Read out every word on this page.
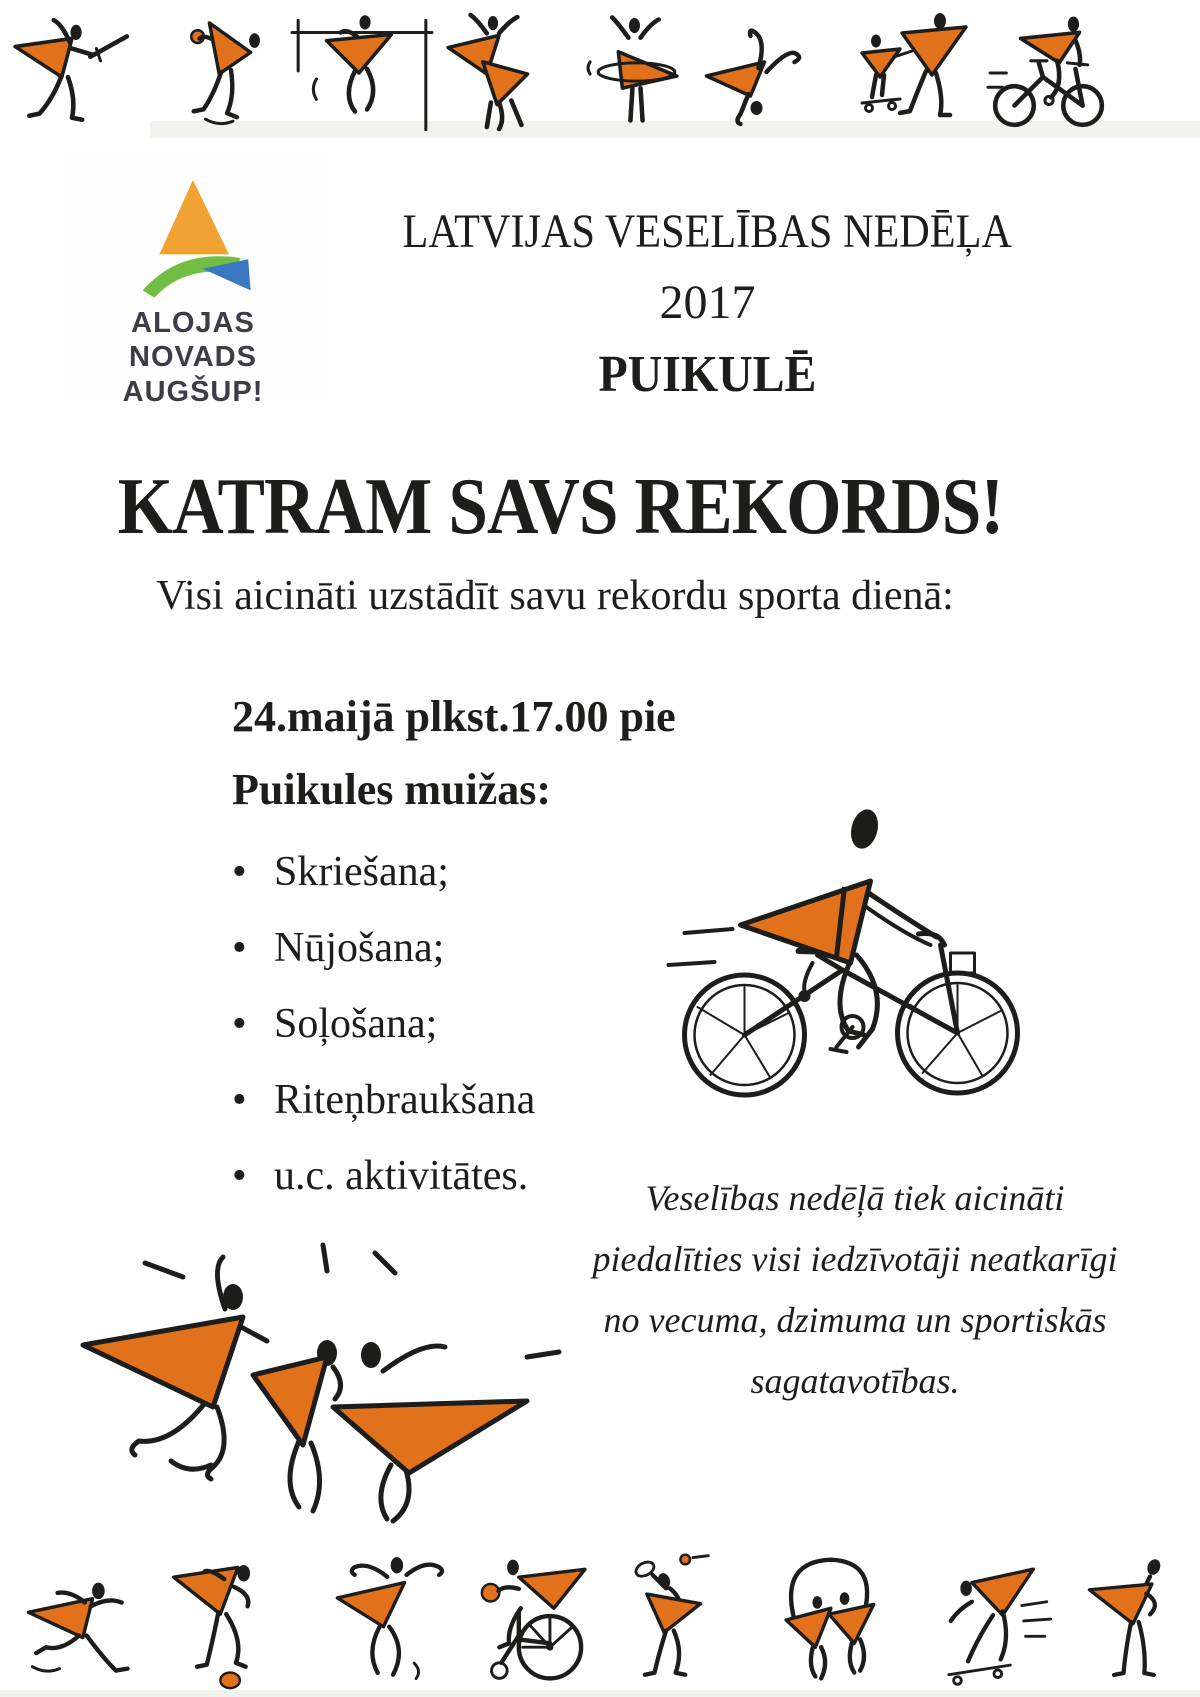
ALOJAS NOVADS
AUGŠUP!
LATVIJAS VESELĪBAS NEDĒĻA
2017
PUIKULĒ
KATRAM SAVS REKORDS!
Visi aicināti uzstādīt savu rekordu sporta dienā:
24.maijā plkst.17.00 pie
Puikules muižas:
• Skriešana;
• Nūjošana;
• Soļošana;
• Riteņbraukšana
• u.c. aktivitātes.	Veselības nedēļā tiek aicināti piedalīties visi iedzīvotāji neatkarīgi no vecuma, dzimuma un sportiskās sagatavotības.
